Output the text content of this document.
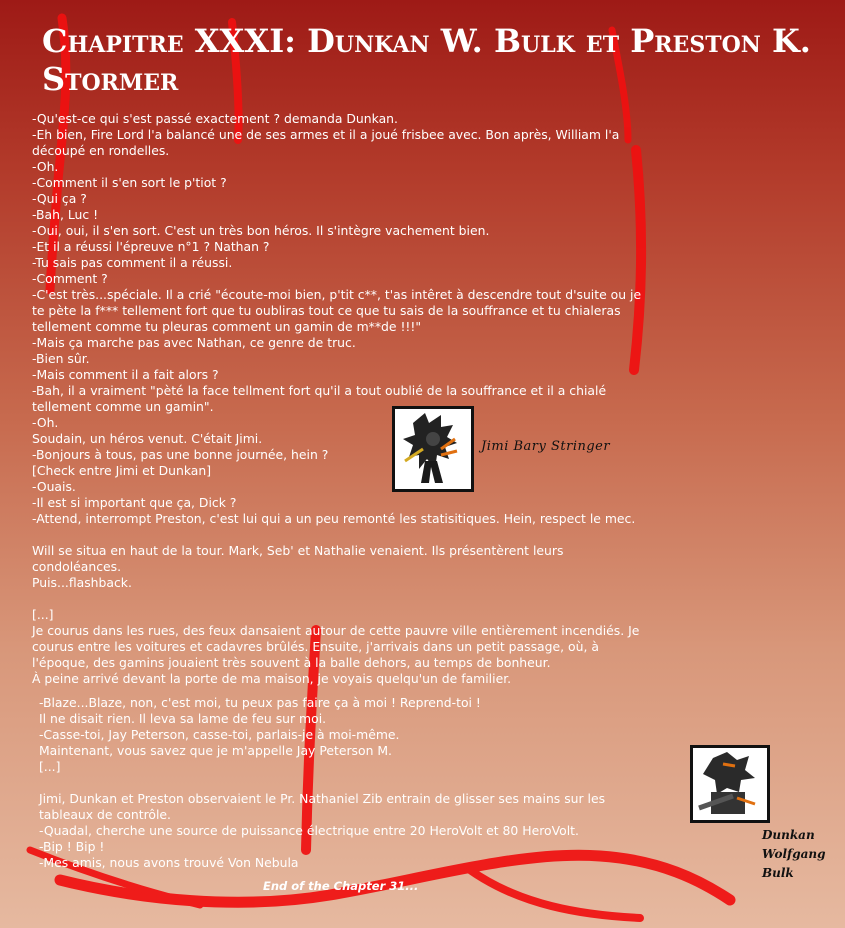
Chapitre XXXI: Dunkan W. Bulk et Preston K. Stormer
-Qu'est-ce qui s'est passé exactement ? demanda Dunkan.
-Eh bien, Fire Lord l'a balancé une de ses armes et il a joué frisbee avec. Bon après, William l'a
découpé en rondelles.
-Oh.
-Comment il s'en sort le p'tiot ?
-Qui ça ?
-Bah, Luc !
-Oui, oui, il s'en sort. C'est un très bon héros. Il s'intègre vachement bien.
-Et il a réussi l'épreuve n°1 ? Nathan ?
-Tu sais pas comment il a réussi.
-Comment ?
-C'est très...spéciale. Il a crié "écoute-moi bien, p'tit c**, t'as intêret à descendre tout d'suite ou je
te pète la f*** tellement fort que tu oubliras tout ce que tu sais de la souffrance et tu chialeras
tellement comme tu pleuras comment un gamin de m**de !!!"
-Mais ça marche pas avec Nathan, ce genre de truc.
-Bien sûr.
-Mais comment il a fait alors ?
-Bah, il a vraiment "pèté la face tellment fort qu'il a tout oublié de la souffrance et il a chialé
tellement comme un gamin".
-Oh.
Soudain, un héros venut. C'était Jimi.
-Bonjours à tous, pas une bonne journée, hein ?
[Check entre Jimi et Dunkan]
-Ouais.
-Il est si important que ça, Dick ?
-Attend, interrompt Preston, c'est lui qui a un peu remonté les statisitiques. Hein, respect le mec.
Will se situa en haut de la tour. Mark, Seb' et Nathalie venaient. Ils présentèrent leurs
condoléances.
Puis...flashback.
[...]
Je courus dans les rues, des feux dansaient autour de cette pauvre ville entièrement incendiés. Je
courus entre les voitures et cadavres brûlés. Ensuite, j'arrivais dans un petit passage, où, à
l'époque, des gamins jouaient très souvent à la balle dehors, au temps de bonheur.
À peine arrivé devant la porte de ma maison, je voyais quelqu'un de familier.
-Blaze...Blaze, non, c'est moi, tu peux pas faire ça à moi ! Reprend-toi !
Il ne disait rien. Il leva sa lame de feu sur moi.
-Casse-toi, Jay Peterson, casse-toi, parlais-je à moi-même.
Maintenant, vous savez que je m'appelle Jay Peterson M.
[...]
Jimi, Dunkan et Preston observaient le Pr. Nathaniel Zib entrain de glisser ses mains sur les
tableaux de contrôle.
-Quadal, cherche une source de puissance électrique entre 20 HeroVolt et 80 HeroVolt.
-Bip ! Bip !
-Mes amis, nous avons trouvé Von Nebula

End of the Chapter 31...

Jimi Bary Stringer
Dunkan
Wolfgang
Bulk
